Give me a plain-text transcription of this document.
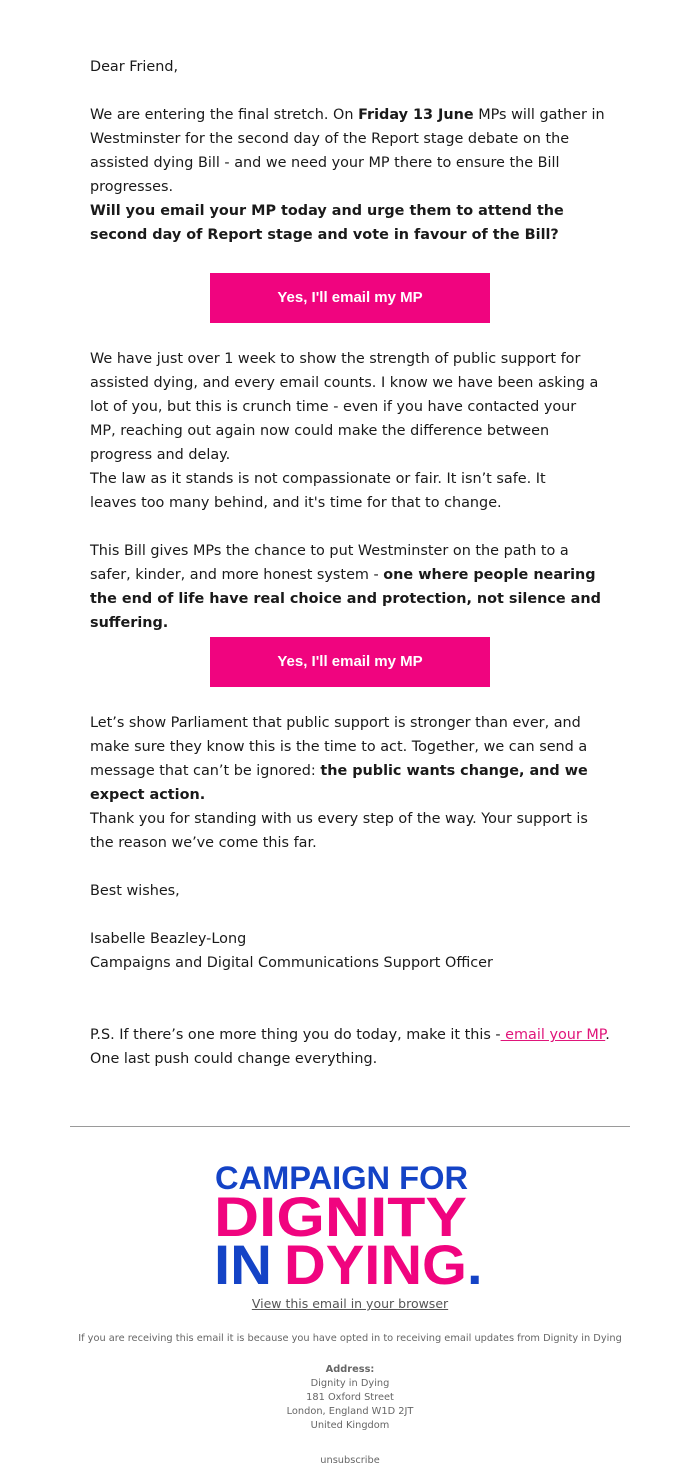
Dear Friend,

We are entering the final stretch. On Friday 13 June MPs will gather in Westminster for the second day of the Report stage debate on the assisted dying Bill - and we need your MP there to ensure the Bill progresses.

Will you email your MP today and urge them to attend the second day of Report stage and vote in favour of the Bill?

Yes, I'll email my MP

We have just over 1 week to show the strength of public support for assisted dying, and every email counts. I know we have been asking a lot of you, but this is crunch time - even if you have contacted your MP, reaching out again now could make the difference between progress and delay.

The law as it stands is not compassionate or fair. It isn’t safe. It leaves too many behind, and it's time for that to change.

This Bill gives MPs the chance to put Westminster on the path to a safer, kinder, and more honest system - one where people nearing the end of life have real choice and protection, not silence and suffering.

Yes, I'll email my MP

Let’s show Parliament that public support is stronger than ever, and make sure they know this is the time to act. Together, we can send a message that can’t be ignored: the public wants change, and we expect action.

Thank you for standing with us every step of the way. Your support is the reason we’ve come this far.

Best wishes,

Isabelle Beazley-Long

Campaigns and Digital Communications Support Officer

P.S. If there’s one more thing you do today, make it this - email your MP. One last push could change everything.

CAMPAIGN FOR
DIGNITY
IN DYING .
View this email in your browser
If you are receiving this email it is because you have opted in to receiving email updates from Dignity in Dying
Address:
Dignity in Dying
181 Oxford Street
London, England W1D 2JT
United Kingdom
unsubscribe
